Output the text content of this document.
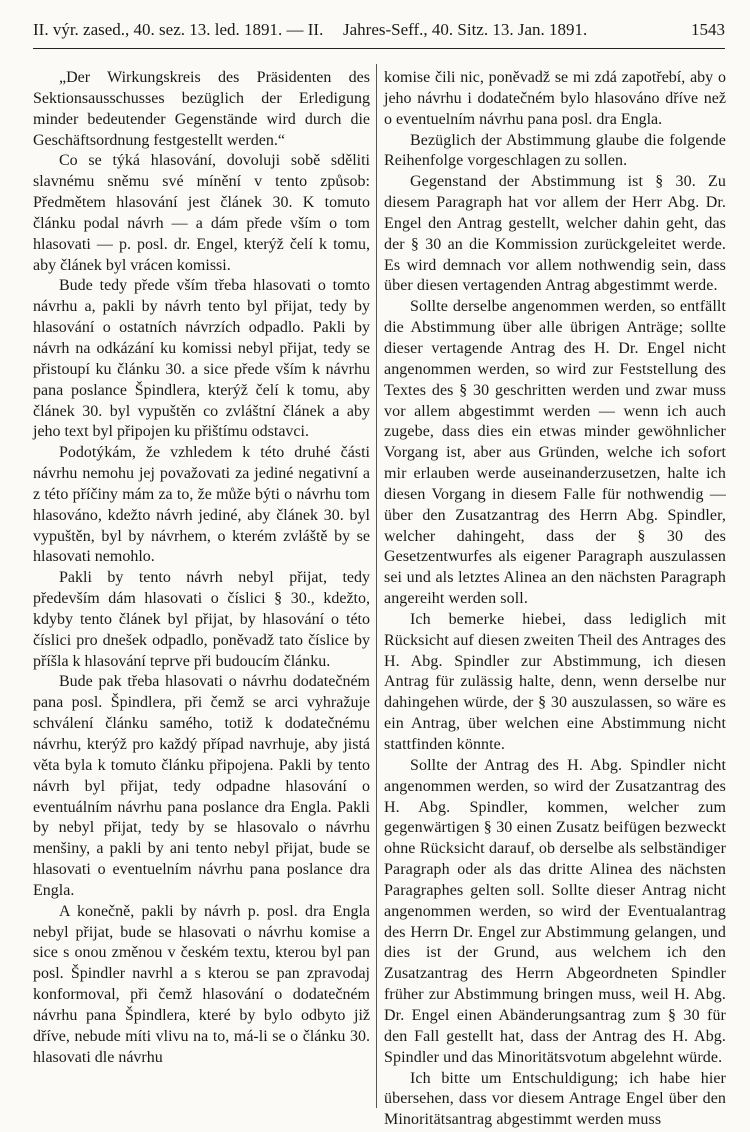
II. výr. zased., 40. sez. 13. led. 1891. — II. Jahres-Seff., 40. Sitz. 13. Jan. 1891.	1543

„Der Wirkungskreis des Präsidenten des Sektionsausschusses bezüglich der Erledigung minder bedeutender Gegenstände wird durch die Geschäftsordnung festgestellt werden.“

Co se týká hlasování, dovoluji sobě sděliti slavnému sněmu své mínění v tento způsob: Předmětem hlasování jest článek 30. K tomuto článku podal návrh — a dám přede vším o tom hlasovati — p. posl. dr. Engel, kterýž čelí k tomu, aby článek byl vrácen komissi.

Bude tedy přede vším třeba hlasovati o tomto návrhu a, pakli by návrh tento byl přijat, tedy by hlasování o ostatních návrzích odpadlo. Pakli by návrh na odkázání ku komissi nebyl přijat, tedy se přistoupí ku článku 30. a sice přede vším k návrhu pana poslance Špindlera, kterýž čelí k tomu, aby článek 30. byl vypuštěn co zvláštní článek a aby jeho text byl připojen ku přištímu odstavci.

Podotýkám, že vzhledem k této druhé části návrhu nemohu jej považovati za jediné negativní a z této příčiny mám za to, že může býti o návrhu tom hlasováno, kdežto návrh jediné, aby článek 30. byl vypuštěn, byl by návrhem, o kterém zvláště by se hlasovati nemohlo.

Pakli by tento návrh nebyl přijat, tedy především dám hlasovati o číslici § 30., kdežto, kdyby tento článek byl přijat, by hlasování o této číslici pro dnešek odpadlo, poněvadž tato číslice by příšla k hlasování teprve při budoucím článku.

Bude pak třeba hlasovati o návrhu dodatečném pana posl. Špindlera, při čemž se arci vyhražuje schválení článku samého, totiž k dodatečnému návrhu, kterýž pro každý případ navrhuje, aby jistá věta byla k tomuto článku připojena. Pakli by tento návrh byl přijat, tedy odpadne hlasování o eventuálním návrhu pana poslance dra Engla. Pakli by nebyl přijat, tedy by se hlasovalo o návrhu menšiny, a pakli by ani tento nebyl přijat, bude se hlasovati o eventuelním návrhu pana poslance dra Engla.

A konečně, pakli by návrh p. posl. dra Engla nebyl přijat, bude se hlasovati o návrhu komise a sice s onou změnou v českém textu, kterou byl pan posl. Špindler navrhl a s kterou se pan zpravodaj konformoval, při čemž hlasování o dodatečném návrhu pana Špindlera, které by bylo odbyto již dříve, nebude míti vlivu na to, má-li se o článku 30. hlasovati dle návrhu

komise čili nic, poněvadž se mi zdá zapotřebí, aby o jeho návrhu i dodatečném bylo hlasováno dříve než o eventuelním návrhu pana posl. dra Engla.

Bezüglich der Abstimmung glaube die folgende Reihenfolge vorgeschlagen zu sollen.

Gegenstand der Abstimmung ist § 30. Zu diesem Paragraph hat vor allem der Herr Abg. Dr. Engel den Antrag gestellt, welcher dahin geht, das der § 30 an die Kommission zurückgeleitet werde. Es wird demnach vor allem nothwendig sein, dass über diesen vertagenden Antrag abgestimmt werde.

Sollte derselbe angenommen werden, so entfällt die Abstimmung über alle übrigen Anträge; sollte dieser vertagende Antrag des H. Dr. Engel nicht angenommen werden, so wird zur Feststellung des Textes des § 30 geschritten werden und zwar muss vor allem abgestimmt werden — wenn ich auch zugebe, dass dies ein etwas minder gewöhnlicher Vorgang ist, aber aus Gründen, welche ich sofort mir erlauben werde auseinanderzusetzen, halte ich diesen Vorgang in diesem Falle für nothwendig — über den Zusatzantrag des Herrn Abg. Spindler, welcher dahingeht, dass der § 30 des Gesetzentwurfes als eigener Paragraph auszulassen sei und als letztes Alinea an den nächsten Paragraph angereiht werden soll.

Ich bemerke hiebei, dass lediglich mit Rücksicht auf diesen zweiten Theil des Antrages des H. Abg. Spindler zur Abstimmung, ich diesen Antrag für zulässig halte, denn, wenn derselbe nur dahingehen würde, der § 30 auszulassen, so wäre es ein Antrag, über welchen eine Abstimmung nicht stattfinden könnte.

Sollte der Antrag des H. Abg. Spindler nicht angenommen werden, so wird der Zusatzantrag des H. Abg. Spindler, kommen, welcher zum gegenwärtigen § 30 einen Zusatz beifügen bezweckt ohne Rücksicht darauf, ob derselbe als selbständiger Paragraph oder als das dritte Alinea des nächsten Paragraphes gelten soll. Sollte dieser Antrag nicht angenommen werden, so wird der Eventualantrag des Herrn Dr. Engel zur Abstimmung gelangen, und dies ist der Grund, aus welchem ich den Zusatzantrag des Herrn Abgeordneten Spindler früher zur Abstimmung bringen muss, weil H. Abg. Dr. Engel einen Abänderungsantrag zum § 30 für den Fall gestellt hat, dass der Antrag des H. Abg. Spindler und das Minoritätsvotum abgelehnt würde.

Ich bitte um Entschuldigung; ich habe hier übersehen, dass vor diesem Antrage Engel über den Minoritätsantrag abgestimmt werden muss
